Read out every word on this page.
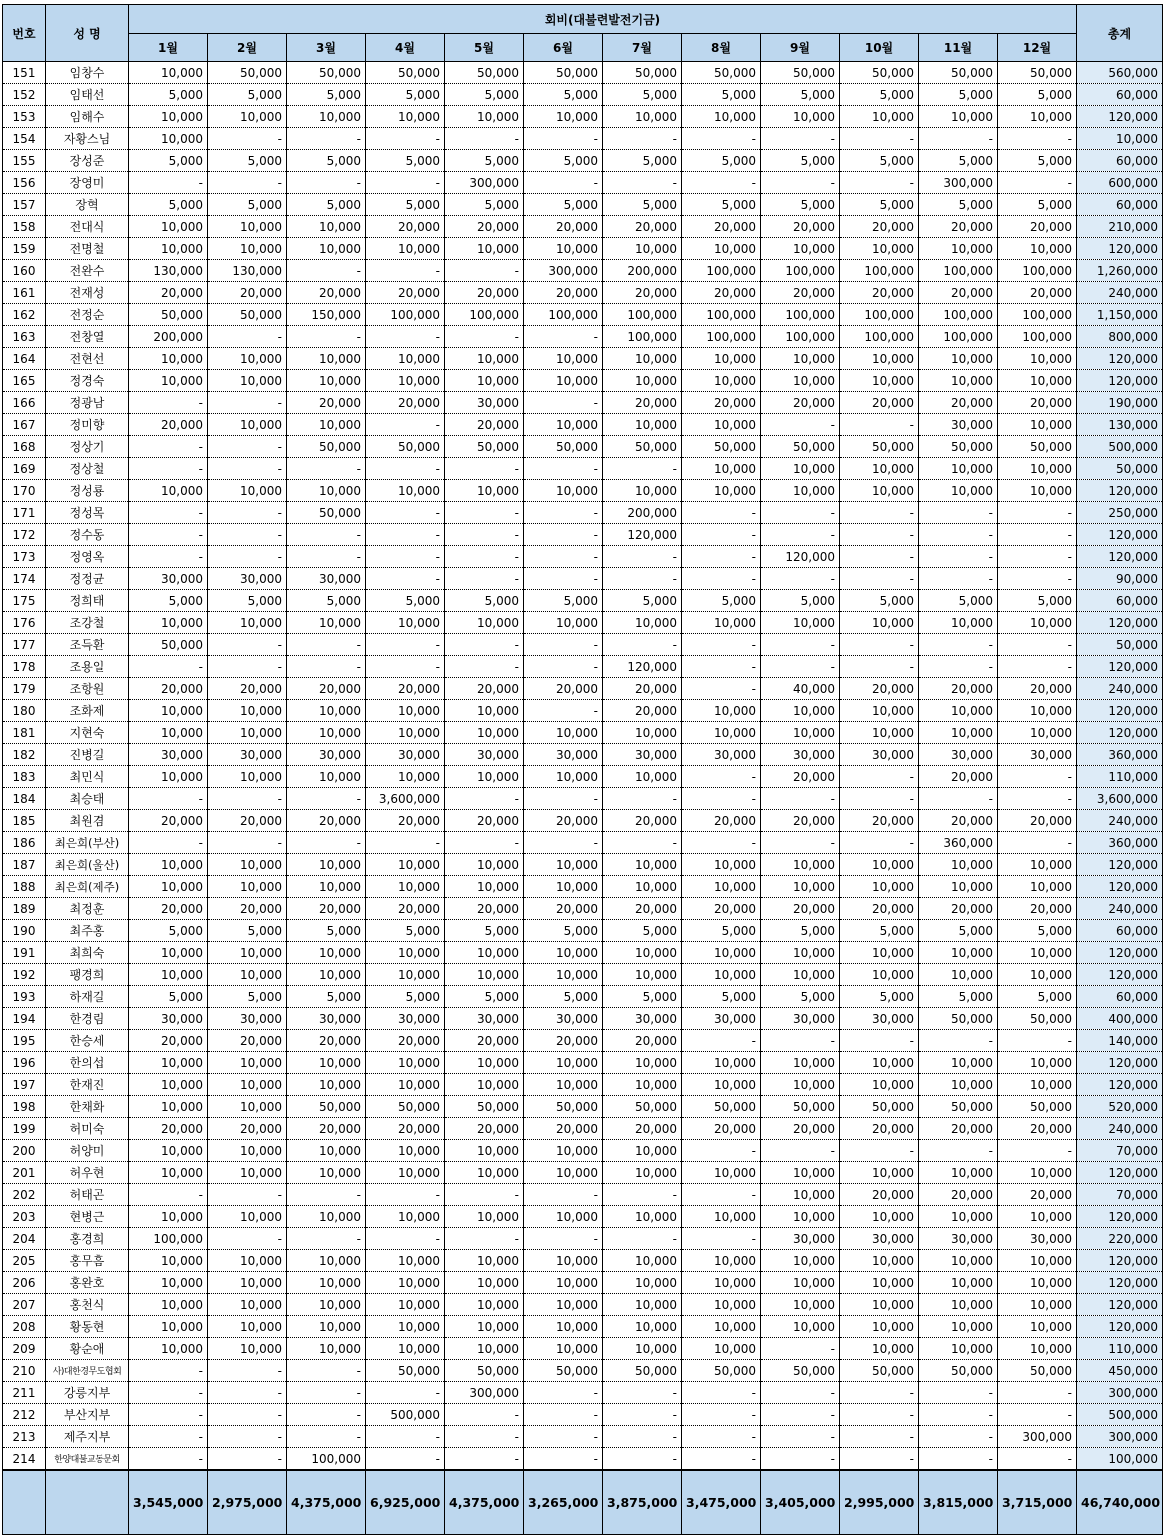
번호	성 명	회비(대불련발전기금)												총계
		1월	2월	3월	4월	5월	6월	7월	8월	9월	10월	11월	12월	
151	임창수	10,000	50,000	50,000	50,000	50,000	50,000	50,000	50,000	50,000	50,000	50,000	50,000	560,000
152	임태선	5,000	5,000	5,000	5,000	5,000	5,000	5,000	5,000	5,000	5,000	5,000	5,000	60,000
153	임해수	10,000	10,000	10,000	10,000	10,000	10,000	10,000	10,000	10,000	10,000	10,000	10,000	120,000
154	자황스님	10,000	-	-	-	-	-	-	-	-	-	-	-	10,000
155	장성준	5,000	5,000	5,000	5,000	5,000	5,000	5,000	5,000	5,000	5,000	5,000	5,000	60,000
156	장영미	-	-	-	-	300,000	-	-	-	-	-	300,000	-	600,000
157	장혁	5,000	5,000	5,000	5,000	5,000	5,000	5,000	5,000	5,000	5,000	5,000	5,000	60,000
158	전대식	10,000	10,000	10,000	20,000	20,000	20,000	20,000	20,000	20,000	20,000	20,000	20,000	210,000
159	전명철	10,000	10,000	10,000	10,000	10,000	10,000	10,000	10,000	10,000	10,000	10,000	10,000	120,000
160	전완수	130,000	130,000	-	-	-	300,000	200,000	100,000	100,000	100,000	100,000	100,000	1,260,000
161	전재성	20,000	20,000	20,000	20,000	20,000	20,000	20,000	20,000	20,000	20,000	20,000	20,000	240,000
162	전정순	50,000	50,000	150,000	100,000	100,000	100,000	100,000	100,000	100,000	100,000	100,000	100,000	1,150,000
163	전창열	200,000	-	-	-	-	-	100,000	100,000	100,000	100,000	100,000	100,000	800,000
164	전현선	10,000	10,000	10,000	10,000	10,000	10,000	10,000	10,000	10,000	10,000	10,000	10,000	120,000
165	정경숙	10,000	10,000	10,000	10,000	10,000	10,000	10,000	10,000	10,000	10,000	10,000	10,000	120,000
166	정광남	-	-	20,000	20,000	30,000	-	20,000	20,000	20,000	20,000	20,000	20,000	190,000
167	정미향	20,000	10,000	10,000	-	20,000	10,000	10,000	10,000	-	-	30,000	10,000	130,000
168	정상기	-	-	50,000	50,000	50,000	50,000	50,000	50,000	50,000	50,000	50,000	50,000	500,000
169	정상철	-	-	-	-	-	-	-	10,000	10,000	10,000	10,000	10,000	50,000
170	정성룡	10,000	10,000	10,000	10,000	10,000	10,000	10,000	10,000	10,000	10,000	10,000	10,000	120,000
171	정성목	-	-	50,000	-	-	-	200,000	-	-	-	-	-	250,000
172	정수동	-	-	-	-	-	-	120,000	-	-	-	-	-	120,000
173	정영옥	-	-	-	-	-	-	-	-	120,000	-	-	-	120,000
174	정정균	30,000	30,000	30,000	-	-	-	-	-	-	-	-	-	90,000
175	정희태	5,000	5,000	5,000	5,000	5,000	5,000	5,000	5,000	5,000	5,000	5,000	5,000	60,000
176	조강철	10,000	10,000	10,000	10,000	10,000	10,000	10,000	10,000	10,000	10,000	10,000	10,000	120,000
177	조득환	50,000	-	-	-	-	-	-	-	-	-	-	-	50,000
178	조용일	-	-	-	-	-	-	120,000	-	-	-	-	-	120,000
179	조항원	20,000	20,000	20,000	20,000	20,000	20,000	20,000	-	40,000	20,000	20,000	20,000	240,000
180	조화제	10,000	10,000	10,000	10,000	10,000	-	20,000	10,000	10,000	10,000	10,000	10,000	120,000
181	지현숙	10,000	10,000	10,000	10,000	10,000	10,000	10,000	10,000	10,000	10,000	10,000	10,000	120,000
182	진병길	30,000	30,000	30,000	30,000	30,000	30,000	30,000	30,000	30,000	30,000	30,000	30,000	360,000
183	최민식	10,000	10,000	10,000	10,000	10,000	10,000	10,000	-	20,000	-	20,000	-	110,000
184	최승태	-	-	-	3,600,000	-	-	-	-	-	-	-	-	3,600,000
185	최원겸	20,000	20,000	20,000	20,000	20,000	20,000	20,000	20,000	20,000	20,000	20,000	20,000	240,000
186	최은희(부산)	-	-	-	-	-	-	-	-	-	-	360,000	-	360,000
187	최은희(울산)	10,000	10,000	10,000	10,000	10,000	10,000	10,000	10,000	10,000	10,000	10,000	10,000	120,000
188	최은희(제주)	10,000	10,000	10,000	10,000	10,000	10,000	10,000	10,000	10,000	10,000	10,000	10,000	120,000
189	최정훈	20,000	20,000	20,000	20,000	20,000	20,000	20,000	20,000	20,000	20,000	20,000	20,000	240,000
190	최주홍	5,000	5,000	5,000	5,000	5,000	5,000	5,000	5,000	5,000	5,000	5,000	5,000	60,000
191	최희숙	10,000	10,000	10,000	10,000	10,000	10,000	10,000	10,000	10,000	10,000	10,000	10,000	120,000
192	팽경희	10,000	10,000	10,000	10,000	10,000	10,000	10,000	10,000	10,000	10,000	10,000	10,000	120,000
193	하재길	5,000	5,000	5,000	5,000	5,000	5,000	5,000	5,000	5,000	5,000	5,000	5,000	60,000
194	한경림	30,000	30,000	30,000	30,000	30,000	30,000	30,000	30,000	30,000	30,000	50,000	50,000	400,000
195	한승세	20,000	20,000	20,000	20,000	20,000	20,000	20,000	-	-	-	-	-	140,000
196	한의섭	10,000	10,000	10,000	10,000	10,000	10,000	10,000	10,000	10,000	10,000	10,000	10,000	120,000
197	한재진	10,000	10,000	10,000	10,000	10,000	10,000	10,000	10,000	10,000	10,000	10,000	10,000	120,000
198	한채화	10,000	10,000	50,000	50,000	50,000	50,000	50,000	50,000	50,000	50,000	50,000	50,000	520,000
199	허미숙	20,000	20,000	20,000	20,000	20,000	20,000	20,000	20,000	20,000	20,000	20,000	20,000	240,000
200	허양미	10,000	10,000	10,000	10,000	10,000	10,000	10,000	-	-	-	-	-	70,000
201	허우현	10,000	10,000	10,000	10,000	10,000	10,000	10,000	10,000	10,000	10,000	10,000	10,000	120,000
202	허태곤	-	-	-	-	-	-	-	-	10,000	20,000	20,000	20,000	70,000
203	현병근	10,000	10,000	10,000	10,000	10,000	10,000	10,000	10,000	10,000	10,000	10,000	10,000	120,000
204	홍경희	100,000	-	-	-	-	-	-	-	30,000	30,000	30,000	30,000	220,000
205	홍무흠	10,000	10,000	10,000	10,000	10,000	10,000	10,000	10,000	10,000	10,000	10,000	10,000	120,000
206	홍완호	10,000	10,000	10,000	10,000	10,000	10,000	10,000	10,000	10,000	10,000	10,000	10,000	120,000
207	홍천식	10,000	10,000	10,000	10,000	10,000	10,000	10,000	10,000	10,000	10,000	10,000	10,000	120,000
208	황동현	10,000	10,000	10,000	10,000	10,000	10,000	10,000	10,000	10,000	10,000	10,000	10,000	120,000
209	황순애	10,000	10,000	10,000	10,000	10,000	10,000	10,000	10,000	-	10,000	10,000	10,000	110,000
210	사)대한경무도협회	-	-	-	50,000	50,000	50,000	50,000	50,000	50,000	50,000	50,000	50,000	450,000
211	강릉지부	-	-	-	-	300,000	-	-	-	-	-	-	-	300,000
212	부산지부	-	-	-	500,000	-	-	-	-	-	-	-	-	500,000
213	제주지부	-	-	-	-	-	-	-	-	-	-	-	300,000	300,000
214	한양대불교동문회	-	-	100,000	-	-	-	-	-	-	-	-	-	100,000
		3,545,000	2,975,000	4,375,000	6,925,000	4,375,000	3,265,000	3,875,000	3,475,000	3,405,000	2,995,000	3,815,000	3,715,000	46,740,000
